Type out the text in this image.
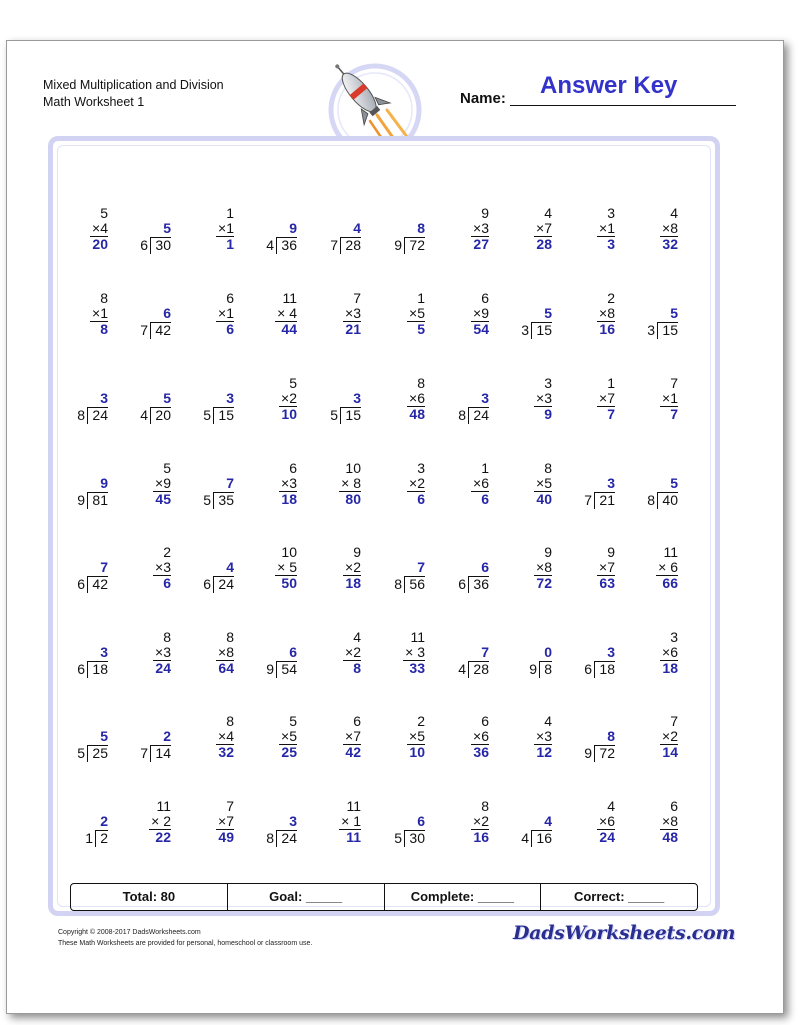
Mixed Multiplication and Division
Math Worksheet 1
Answer Key
Name:
5
×4
20
5
30
6
1
×1
1
9
36
4
4
28
7
8
72
9
9
×3
27
4
×7
28
3
×1
3
4
×8
32
8
×1
8
6
42
7
6
×1
6
11
× 4
44
7
×3
21
1
×5
5
6
×9
54
5
15
3
2
×8
16
5
15
3
3
24
8
5
20
4
3
15
5
5
×2
10
3
15
5
8
×6
48
3
24
8
3
×3
9
1
×7
7
7
×1
7
9
81
9
5
×9
45
7
35
5
6
×3
18
10
× 8
80
3
×2
6
1
×6
6
8
×5
40
3
21
7
5
40
8
7
42
6
2
×3
6
4
24
6
10
× 5
50
9
×2
18
7
56
8
6
36
6
9
×8
72
9
×7
63
11
× 6
66
3
18
6
8
×3
24
8
×8
64
6
54
9
4
×2
8
11
× 3
33
7
28
4
0
8
9
3
18
6
3
×6
18
5
25
5
2
14
7
8
×4
32
5
×5
25
6
×7
42
2
×5
10
6
×6
36
4
×3
12
8
72
9
7
×2
14
2
2
1
11
× 2
22
7
×7
49
3
24
8
11
× 1
11
6
30
5
8
×2
16
4
16
4
4
×6
24
6
×8
48
Total: 80	Goal: _____	Complete: _____	Correct: _____
Copyright © 2008-2017 DadsWorksheets.com
These Math Worksheets are provided for personal, homeschool or classroom use.	DadsWorksheets.com
